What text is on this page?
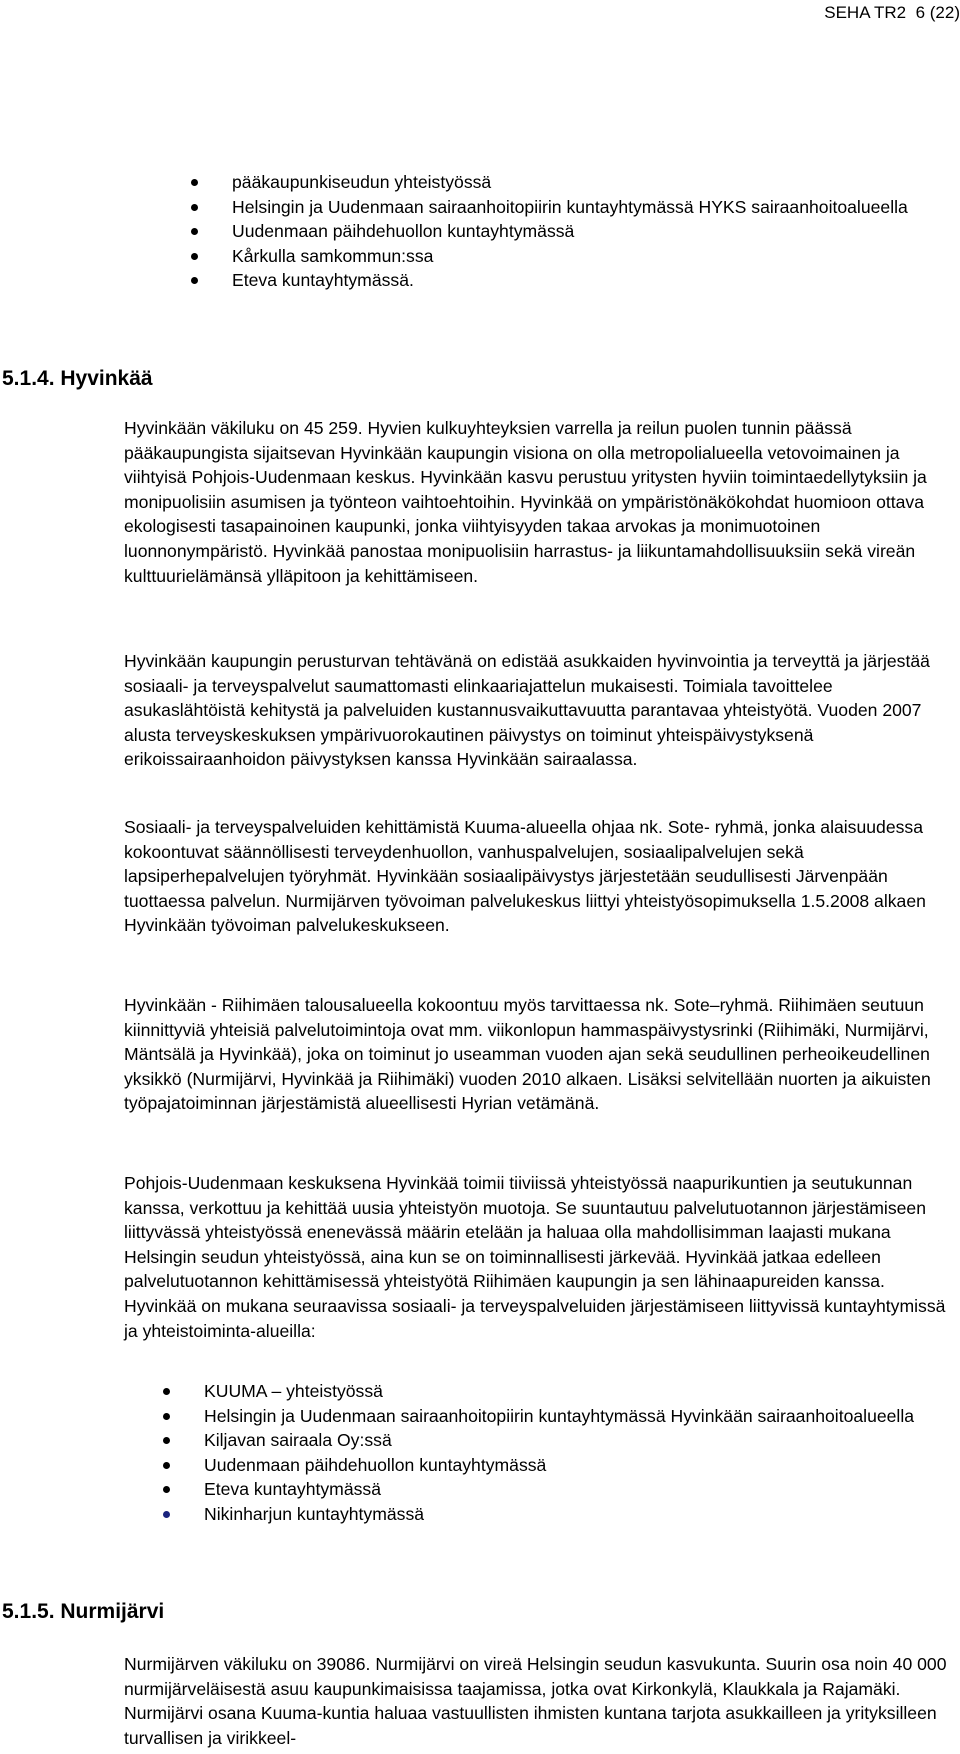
SEHA TR2 6 (22)
pääkaupunkiseudun yhteistyössä
Helsingin ja Uudenmaan sairaanhoitopiirin kuntayhtymässä HYKS sairaanhoitoalueella
Uudenmaan päihdehuollon kuntayhtymässä
Kårkulla samkommun:ssa
Eteva kuntayhtymässä.
5.1.4. Hyvinkää

Hyvinkään väkiluku on 45 259. Hyvien kulkuyhteyksien varrella ja reilun puolen tunnin päässä pääkaupungista sijaitsevan Hyvinkään kaupungin visiona on olla metropolialueella vetovoimainen ja viihtyisä Pohjois-Uudenmaan keskus. Hyvinkään kasvu perustuu yritysten hyviin toimintaedellytyksiin ja monipuolisiin asumisen ja työnteon vaihtoehtoihin. Hyvinkää on ympäristönäkökohdat huomioon ottava ekologisesti tasapainoinen kaupunki, jonka viihtyisyyden takaa arvokas ja monimuotoinen luonnonympäristö. Hyvinkää panostaa monipuolisiin harrastus- ja liikuntamahdollisuuksiin sekä vireän kulttuurielämänsä ylläpitoon ja kehittämiseen.

Hyvinkään kaupungin perusturvan tehtävänä on edistää asukkaiden hyvinvointia ja terveyttä ja järjestää sosiaali- ja terveyspalvelut saumattomasti elinkaariajattelun mukaisesti. Toimiala tavoittelee asukaslähtöistä kehitystä ja palveluiden kustannusvaikuttavuutta parantavaa yhteistyötä. Vuoden 2007 alusta terveyskeskuksen ympärivuorokautinen päivystys on toiminut yhteispäivystyksenä erikoissairaanhoidon päivystyksen kanssa Hyvinkään sairaalassa.

Sosiaali- ja terveyspalveluiden kehittämistä Kuuma-alueella ohjaa nk. Sote- ryhmä, jonka alaisuudessa kokoontuvat säännöllisesti terveydenhuollon, vanhuspalvelujen, sosiaalipalvelujen sekä lapsiperhepalvelujen työryhmät. Hyvinkään sosiaalipäivystys järjestetään seudullisesti Järvenpään tuottaessa palvelun. Nurmijärven työvoiman palvelukeskus liittyi yhteistyösopimuksella 1.5.2008 alkaen Hyvinkään työvoiman palvelukeskukseen.

Hyvinkään - Riihimäen talousalueella kokoontuu myös tarvittaessa nk. Sote–ryhmä. Riihimäen seutuun kiinnittyviä yhteisiä palvelutoimintoja ovat mm. viikonlopun hammaspäivystysrinki (Riihimäki, Nurmijärvi, Mäntsälä ja Hyvinkää), joka on toiminut jo useamman vuoden ajan sekä seudullinen perheoikeudellinen yksikkö (Nurmijärvi, Hyvinkää ja Riihimäki) vuoden 2010 alkaen. Lisäksi selvitellään nuorten ja aikuisten työpajatoiminnan järjestämistä alueellisesti Hyrian vetämänä.

Pohjois-Uudenmaan keskuksena Hyvinkää toimii tiiviissä yhteistyössä naapurikuntien ja seutukunnan kanssa, verkottuu ja kehittää uusia yhteistyön muotoja. Se suuntautuu palvelutuotannon järjestämiseen liittyvässä yhteistyössä enenevässä määrin etelään ja haluaa olla mahdollisimman laajasti mukana Helsingin seudun yhteistyössä, aina kun se on toiminnallisesti järkevää. Hyvinkää jatkaa edelleen palvelutuotannon kehittämisessä yhteistyötä Riihimäen kaupungin ja sen lähinaapureiden kanssa. Hyvinkää on mukana seuraavissa sosiaali- ja terveyspalveluiden järjestämiseen liittyvissä kuntayhtymissä ja yhteistoiminta-alueilla:

KUUMA – yhteistyössä
Helsingin ja Uudenmaan sairaanhoitopiirin kuntayhtymässä Hyvinkään sairaanhoitoalueella
Kiljavan sairaala Oy:ssä
Uudenmaan päihdehuollon kuntayhtymässä
Eteva kuntayhtymässä
Nikinharjun kuntayhtymässä
5.1.5. Nurmijärvi

Nurmijärven väkiluku on 39086. Nurmijärvi on vireä Helsingin seudun kasvukunta. Suurin osa noin 40 000 nurmijärveläisestä asuu kaupunkimaisissa taajamissa, jotka ovat Kirkonkylä, Klaukkala ja Rajamäki. Nurmijärvi osana Kuuma-kuntia haluaa vastuullisten ihmisten kuntana tarjota asukkailleen ja yrityksilleen turvallisen ja virikkeel-
